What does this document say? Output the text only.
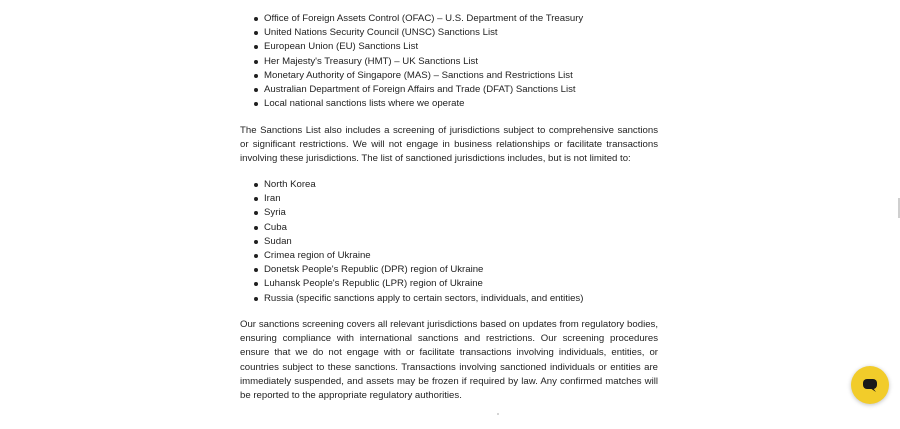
Office of Foreign Assets Control (OFAC) – U.S. Department of the Treasury
United Nations Security Council (UNSC) Sanctions List
European Union (EU) Sanctions List
Her Majesty's Treasury (HMT) – UK Sanctions List
Monetary Authority of Singapore (MAS) – Sanctions and Restrictions List
Australian Department of Foreign Affairs and Trade (DFAT) Sanctions List
Local national sanctions lists where we operate

The Sanctions List also includes a screening of jurisdictions subject to comprehensive sanctions or significant restrictions. We will not engage in business relationships or facilitate transactions involving these jurisdictions. The list of sanctioned jurisdictions includes, but is not limited to:

North Korea
Iran
Syria
Cuba
Sudan
Crimea region of Ukraine
Donetsk People's Republic (DPR) region of Ukraine
Luhansk People's Republic (LPR) region of Ukraine
Russia (specific sanctions apply to certain sectors, individuals, and entities)

Our sanctions screening covers all relevant jurisdictions based on updates from regulatory bodies, ensuring compliance with international sanctions and restrictions. Our screening procedures ensure that we do not engage with or facilitate transactions involving individuals, entities, or countries subject to these sanctions. Transactions involving sanctioned individuals or entities are immediately suspended, and assets may be frozen if required by law. Any confirmed matches will be reported to the appropriate regulatory authorities.
